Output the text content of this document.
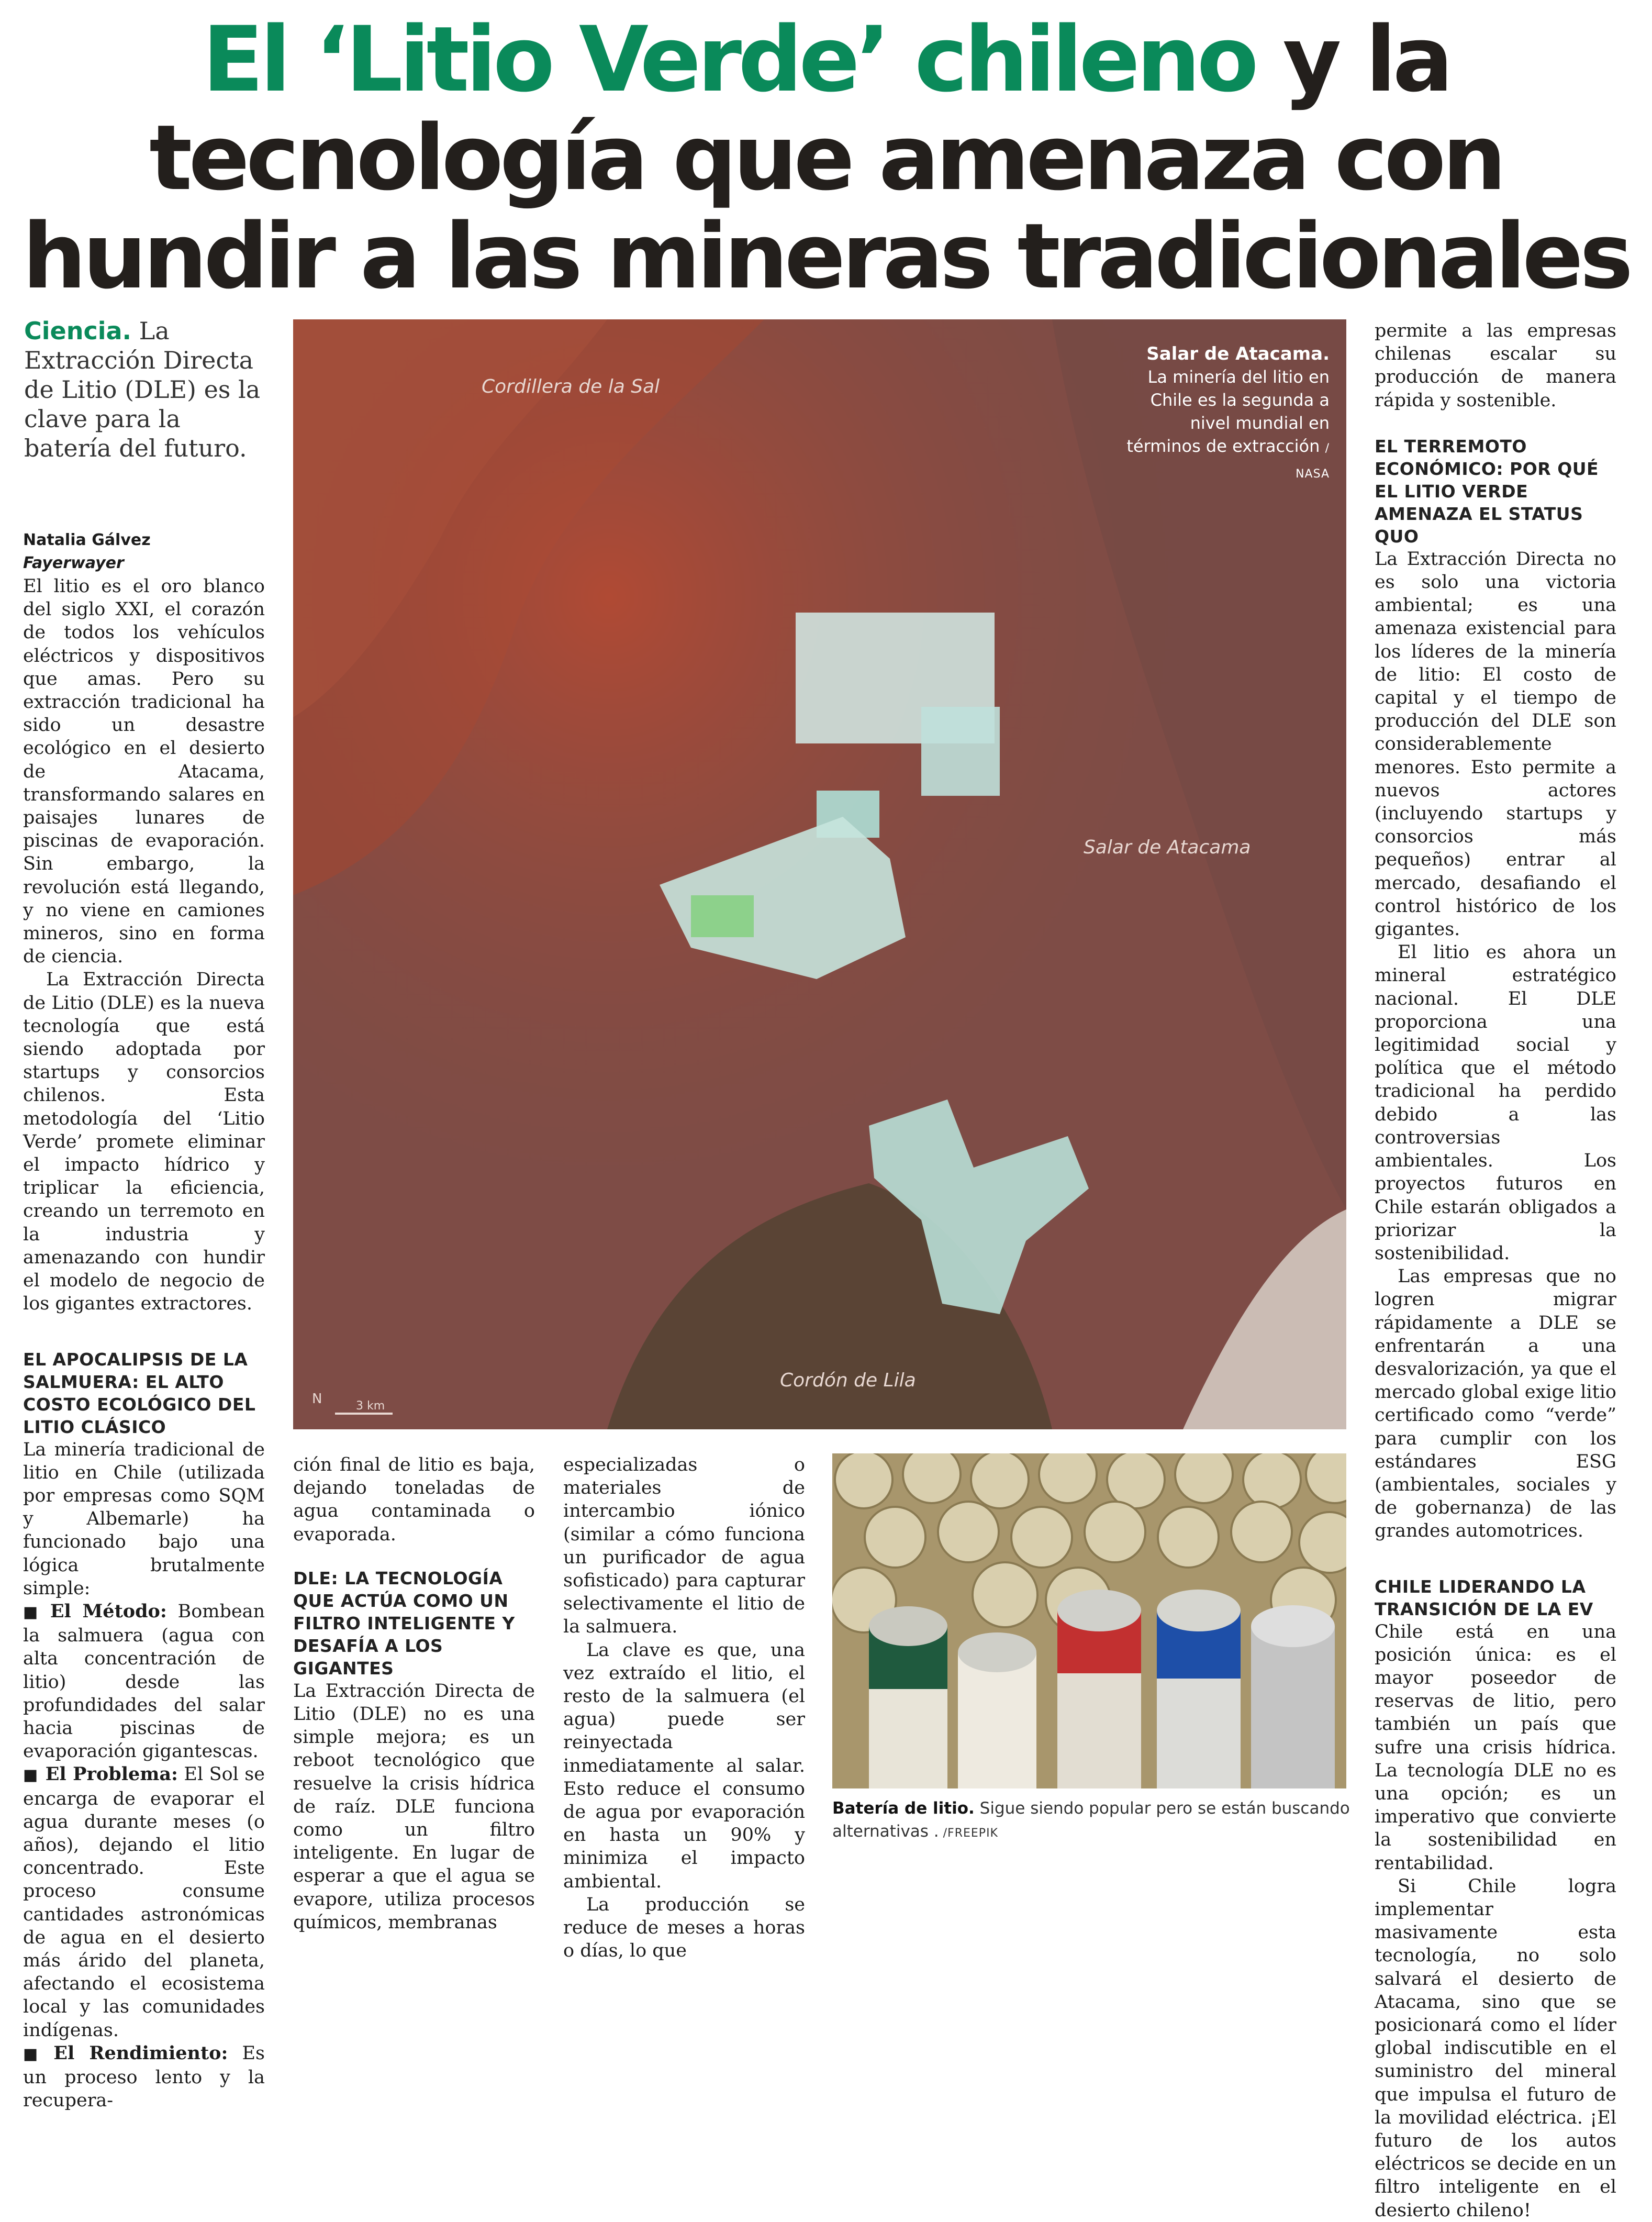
El ‘Litio Verde’ chileno y la
tecnología que amenaza con
hundir a las mineras tradicionales
Ciencia. La Extracción Directa de Litio (DLE) es la clave para la batería del futuro.
Natalia Gálvez
Fayerwayer

El litio es el oro blanco del siglo XXI, el corazón de todos los vehículos eléctricos y dispositivos que amas. Pero su extracción tradicional ha sido un desastre ecológico en el desierto de Atacama, transformando salares en paisajes lunares de piscinas de evaporación. Sin embargo, la revolución está llegando, y no viene en camiones mineros, sino en forma de ciencia.

La Extracción Directa de Litio (DLE) es la nueva tecnología que está siendo adoptada por startups y consorcios chilenos. Esta metodología del ‘Litio Verde’ promete eliminar el impacto hídrico y triplicar la eficiencia, creando un terremoto en la industria y amenazando con hundir el modelo de negocio de los gigantes extractores.

EL APOCALIPSIS DE LA SALMUERA: EL ALTO COSTO ECOLÓGICO DEL LITIO CLÁSICO

La minería tradicional de litio en Chile (utilizada por empresas como SQM y Albemarle) ha funcionado bajo una lógica brutalmente simple:

■ El Método: Bombean la salmuera (agua con alta concentración de litio) desde las profundidades del salar hacia piscinas de evaporación gigantescas.

■ El Problema: El Sol se encarga de evaporar el agua durante meses (o años), dejando el litio concentrado. Este proceso consume cantidades astronómicas de agua en el desierto más árido del planeta, afectando el ecosistema local y las comunidades indígenas.

■ El Rendimiento: Es un proceso lento y la recupera-

Cordillera de la Sal
Salar de Atacama
Cordón de Lila
N	3 km
Salar de Atacama.
La minería del litio en Chile es la segunda a nivel mundial en términos de extracción / NASA

permite a las empresas chilenas escalar su producción de manera rápida y sostenible.

EL TERREMOTO ECONÓMICO: POR QUÉ EL LITIO VERDE AMENAZA EL STATUS QUO

La Extracción Directa no es solo una victoria ambiental; es una amenaza existencial para los líderes de la minería de litio: El costo de capital y el tiempo de producción del DLE son considerablemente menores. Esto permite a nuevos actores (incluyendo startups y consorcios más pequeños) entrar al mercado, desafiando el control histórico de los gigantes.

El litio es ahora un mineral estratégico nacional. El DLE proporciona una legitimidad social y política que el método tradicional ha perdido debido a las controversias ambientales. Los proyectos futuros en Chile estarán obligados a priorizar la sostenibilidad.

Las empresas que no logren migrar rápidamente a DLE se enfrentarán a una desvalorización, ya que el mercado global exige litio certificado como “verde” para cumplir con los estándares ESG (ambientales, sociales y de gobernanza) de las grandes automotrices.

CHILE LIDERANDO LA TRANSICIÓN DE LA EV

Chile está en una posición única: es el mayor poseedor de reservas de litio, pero también un país que sufre una crisis hídrica. La tecnología DLE no es una opción; es un imperativo que convierte la sostenibilidad en rentabilidad.

Si Chile logra implementar masivamente esta tecnología, no solo salvará el desierto de Atacama, sino que se posicionará como el líder global indiscutible en el suministro del mineral que impulsa el futuro de la movilidad eléctrica. ¡El futuro de los autos eléctricos se decide en un filtro inteligente en el desierto chileno!

ción final de litio es baja, dejando toneladas de agua contaminada o evaporada.

DLE: LA TECNOLOGÍA QUE ACTÚA COMO UN FILTRO INTELIGENTE Y DESAFÍA A LOS GIGANTES

La Extracción Directa de Litio (DLE) no es una simple mejora; es un reboot tecnológico que resuelve la crisis hídrica de raíz. DLE funciona como un filtro inteligente. En lugar de esperar a que el agua se evapore, utiliza procesos químicos, membranas

especializadas o materiales de intercambio iónico (similar a cómo funciona un purificador de agua sofisticado) para capturar selectivamente el litio de la salmuera.

La clave es que, una vez extraído el litio, el resto de la salmuera (el agua) puede ser reinyectada inmediatamente al salar. Esto reduce el consumo de agua por evaporación en hasta un 90% y minimiza el impacto ambiental.

La producción se reduce de meses a horas o días, lo que

Batería de litio. Sigue siendo popular pero se están buscando alternativas . /FREEPIK
